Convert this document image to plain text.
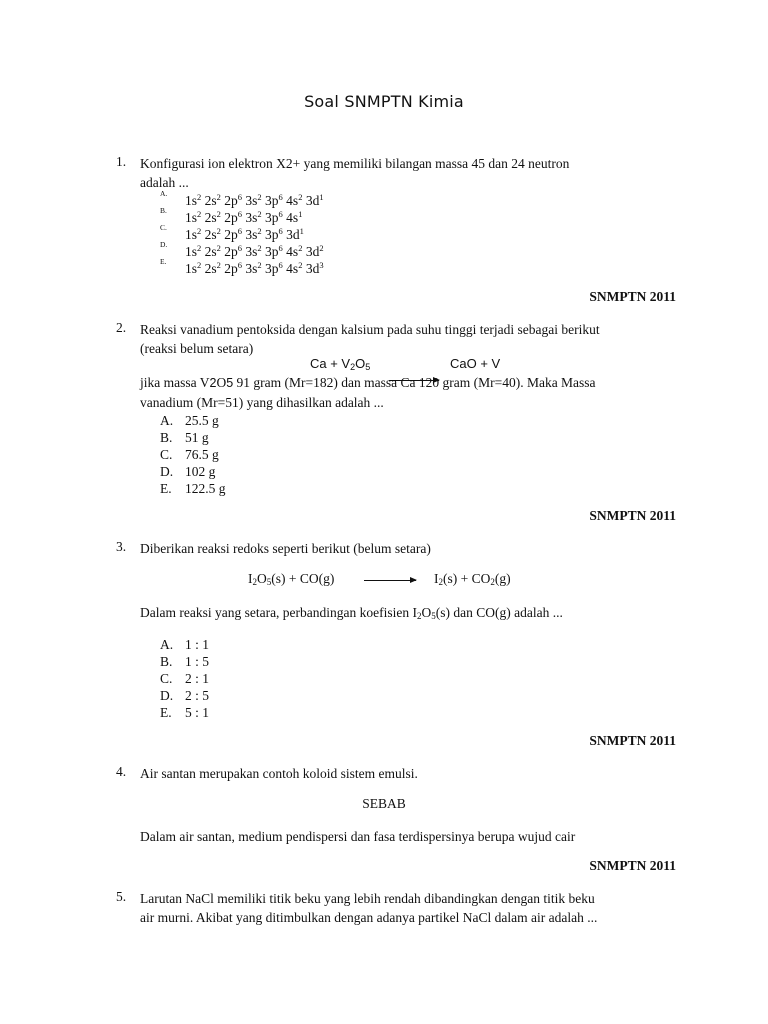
Soal SNMPTN Kimia
1.	Konfigurasi ion elektron X2+ yang memiliki bilangan massa 45 dan 24 neutron
adalah ...
A.	$1s^2$ $2s^2$ $2p^6$ $3s^2$ $3p^6$ $4s^2$ $3d^1$
B.	$1s^2$ $2s^2$ $2p^6$ $3s^2$ $3p^6$ $4s^1$
C.	$1s^2$ $2s^2$ $2p^6$ $3s^2$ $3p^6$ $3d^1$
D.	$1s^2$ $2s^2$ $2p^6$ $3s^2$ $3p^6$ $4s^2$ $3d^2$
E.	$1s^2$ $2s^2$ $2p^6$ $3s^2$ $3p^6$ $4s^2$ $3d^3$
SNMPTN 2011
2.	Reaksi vanadium pentoksida dengan kalsium pada suhu tinggi terjadi sebagai berikut
(reaksi belum setara)
$Ca + V_2O_5$	CaO + V
jika massa V2O5 91 gram (Mr=182) dan massa Ca 120 gram (Mr=40). Maka Massa
vanadium (Mr=51) yang dihasilkan adalah ...
A. 25.5 g
B. 51 g
C. 76.5 g
D. 102 g
E. 122.5 g
SNMPTN 2011
3.	Diberikan reaksi redoks seperti berikut (belum setara)
$I_2O_5(s) + CO(g) \to I_2(s) + CO_2(g)$
Dalam reaksi yang setara, perbandingan koefisien $I_2O_5(s)$ dan CO(g) adalah ...
A. 1 : 1
B. 1 : 5
C. 2 : 1
D. 2 : 5
E. 5 : 1
SNMPTN 2011
4.	Air santan merupakan contoh koloid sistem emulsi.
SEBAB
Dalam air santan, medium pendispersi dan fasa terdispersinya berupa wujud cair
SNMPTN 2011
5.	Larutan NaCl memiliki titik beku yang lebih rendah dibandingkan dengan titik beku
air murni. Akibat yang ditimbulkan dengan adanya partikel NaCl dalam air adalah ...
